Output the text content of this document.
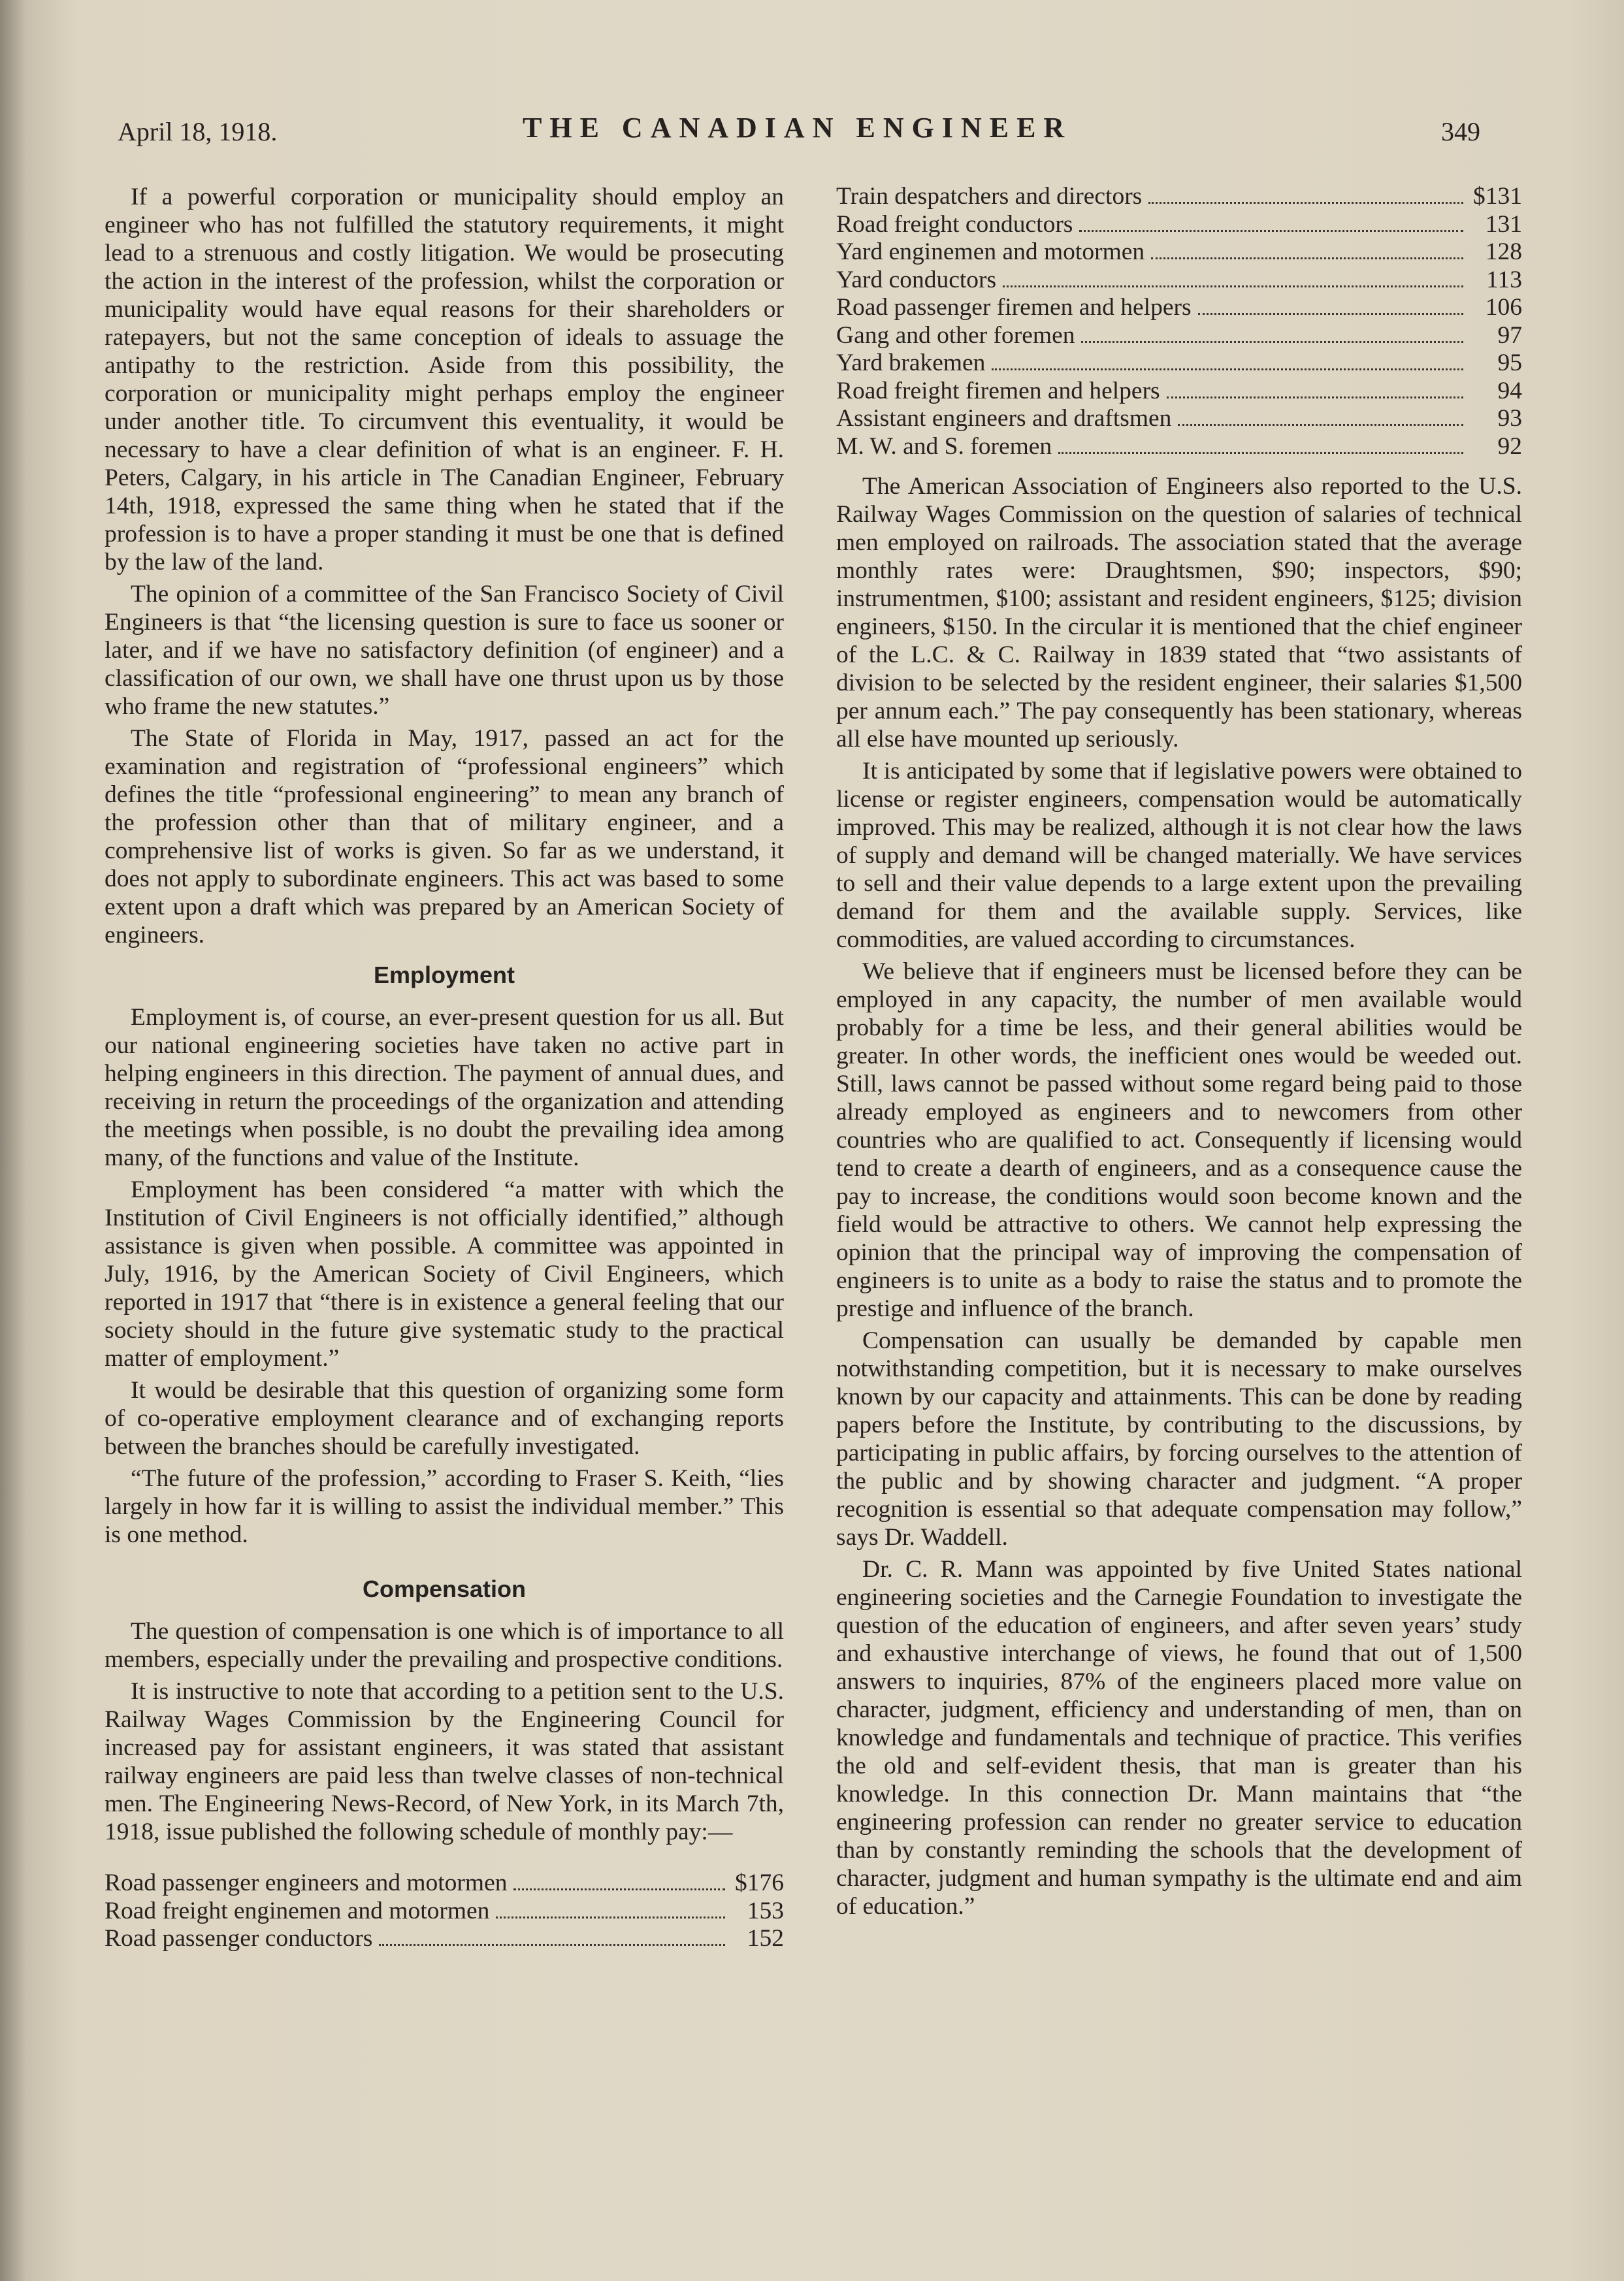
April 18, 1918.	THE CANADIAN ENGINEER	349

If a powerful corporation or municipality should employ an engineer who has not fulfilled the statutory requirements, it might lead to a strenuous and costly litigation. We would be prosecuting the action in the interest of the profession, whilst the corporation or municipality would have equal reasons for their shareholders or ratepayers, but not the same conception of ideals to assuage the antipathy to the restriction. Aside from this possibility, the corporation or municipality might perhaps employ the engineer under another title. To circumvent this eventuality, it would be necessary to have a clear definition of what is an engineer. F. H. Peters, Calgary, in his article in The Canadian Engineer, February 14th, 1918, expressed the same thing when he stated that if the profession is to have a proper standing it must be one that is defined by the law of the land.

The opinion of a committee of the San Francisco Society of Civil Engineers is that “the licensing question is sure to face us sooner or later, and if we have no satisfactory definition (of engineer) and a classification of our own, we shall have one thrust upon us by those who frame the new statutes.”

The State of Florida in May, 1917, passed an act for the examination and registration of “professional engineers” which defines the title “professional engineering” to mean any branch of the profession other than that of military engineer, and a comprehensive list of works is given. So far as we understand, it does not apply to subordinate engineers. This act was based to some extent upon a draft which was prepared by an American Society of engineers.

Employment

Employment is, of course, an ever-present question for us all. But our national engineering societies have taken no active part in helping engineers in this direction. The payment of annual dues, and receiving in return the proceedings of the organization and attending the meetings when possible, is no doubt the prevailing idea among many, of the functions and value of the Institute.

Employment has been considered “a matter with which the Institution of Civil Engineers is not officially identified,” although assistance is given when possible. A committee was appointed in July, 1916, by the American Society of Civil Engineers, which reported in 1917 that “there is in existence a general feeling that our society should in the future give systematic study to the practical matter of employment.”

It would be desirable that this question of organizing some form of co-operative employment clearance and of exchanging reports between the branches should be carefully investigated.

“The future of the profession,” according to Fraser S. Keith, “lies largely in how far it is willing to assist the individual member.” This is one method.

Compensation

The question of compensation is one which is of importance to all members, especially under the prevailing and prospective conditions.

It is instructive to note that according to a petition sent to the U.S. Railway Wages Commission by the Engineering Council for increased pay for assistant engineers, it was stated that assistant railway engineers are paid less than twelve classes of non-technical men. The Engineering News-Record, of New York, in its March 7th, 1918, issue published the following schedule of monthly pay:—

Road passenger engineers and motormen	$176
Road freight enginemen and motormen	153
Road passenger conductors	152
Train despatchers and directors	$131
Road freight conductors	131
Yard enginemen and motormen	128
Yard conductors	113
Road passenger firemen and helpers	106
Gang and other foremen	97
Yard brakemen	95
Road freight firemen and helpers	94
Assistant engineers and draftsmen	93
M. W. and S. foremen	92

The American Association of Engineers also reported to the U.S. Railway Wages Commission on the question of salaries of technical men employed on railroads. The association stated that the average monthly rates were: Draughtsmen, $90; inspectors, $90; instrumentmen, $100; assistant and resident engineers, $125; division engineers, $150. In the circular it is mentioned that the chief engineer of the L.C. & C. Railway in 1839 stated that “two assistants of division to be selected by the resident engineer, their salaries $1,500 per annum each.” The pay consequently has been stationary, whereas all else have mounted up seriously.

It is anticipated by some that if legislative powers were obtained to license or register engineers, compensation would be automatically improved. This may be realized, although it is not clear how the laws of supply and demand will be changed materially. We have services to sell and their value depends to a large extent upon the prevailing demand for them and the available supply. Services, like commodities, are valued according to circumstances.

We believe that if engineers must be licensed before they can be employed in any capacity, the number of men available would probably for a time be less, and their general abilities would be greater. In other words, the inefficient ones would be weeded out. Still, laws cannot be passed without some regard being paid to those already employed as engineers and to newcomers from other countries who are qualified to act. Consequently if licensing would tend to create a dearth of engineers, and as a consequence cause the pay to increase, the conditions would soon become known and the field would be attractive to others. We cannot help expressing the opinion that the principal way of improving the compensation of engineers is to unite as a body to raise the status and to promote the prestige and influence of the branch.

Compensation can usually be demanded by capable men notwithstanding competition, but it is necessary to make ourselves known by our capacity and attainments. This can be done by reading papers before the Institute, by contributing to the discussions, by participating in public affairs, by forcing ourselves to the attention of the public and by showing character and judgment. “A proper recognition is essential so that adequate compensation may follow,” says Dr. Waddell.

Dr. C. R. Mann was appointed by five United States national engineering societies and the Carnegie Foundation to investigate the question of the education of engineers, and after seven years’ study and exhaustive interchange of views, he found that out of 1,500 answers to inquiries, 87% of the engineers placed more value on character, judgment, efficiency and understanding of men, than on knowledge and fundamentals and technique of practice. This verifies the old and self-evident thesis, that man is greater than his knowledge. In this connection Dr. Mann maintains that “the engineering profession can render no greater service to education than by constantly reminding the schools that the development of character, judgment and human sympathy is the ultimate end and aim of education.”
